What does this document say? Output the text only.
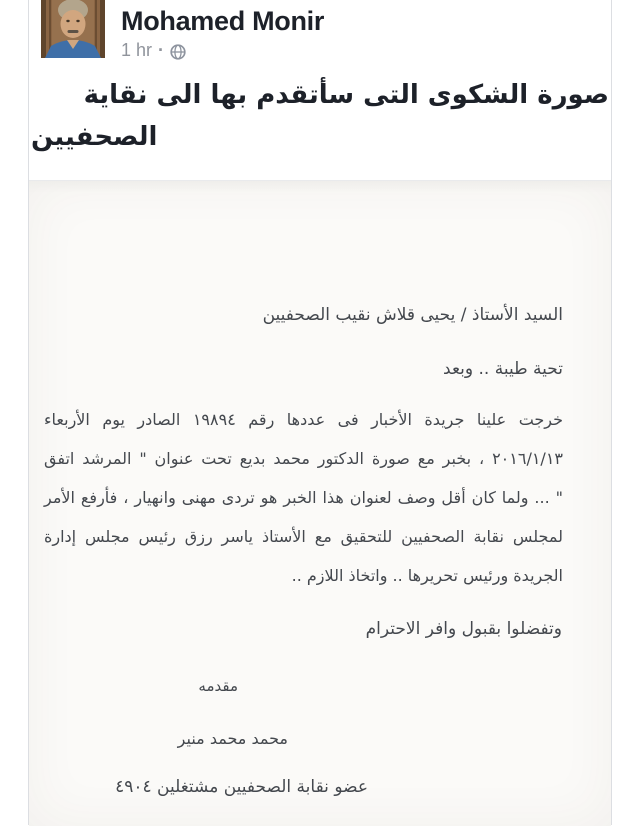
Mohamed Monir
1 hr ·
صورة الشكوى التى سأتقدم بها الى نقاية
الصحفيين
السيد الأستاذ / يحيى قلاش نقيب الصحفيين
تحية طيبة .. وبعد
خرجت علينا جريدة الأخبار فى عددها رقم ١٩٨٩٤ الصادر يوم الأربعاء
٢٠١٦/١/١٣ ، بخبر مع صورة الدكتور محمد بديع تحت عنوان " المرشد اتفق
" ... ولما كان أقل وصف لعنوان هذا الخبر هو تردى مهنى وانهيار ، فأرفع الأمر
لمجلس نقابة الصحفيين للتحقيق مع الأستاذ ياسر رزق رئيس مجلس إدارة
الجريدة ورئيس تحريرها .. واتخاذ اللازم ..
وتفضلوا بقبول وافر الاحترام
مقدمه
محمد محمد منير
عضو نقابة الصحفيين مشتغلين ٤٩٠٤
